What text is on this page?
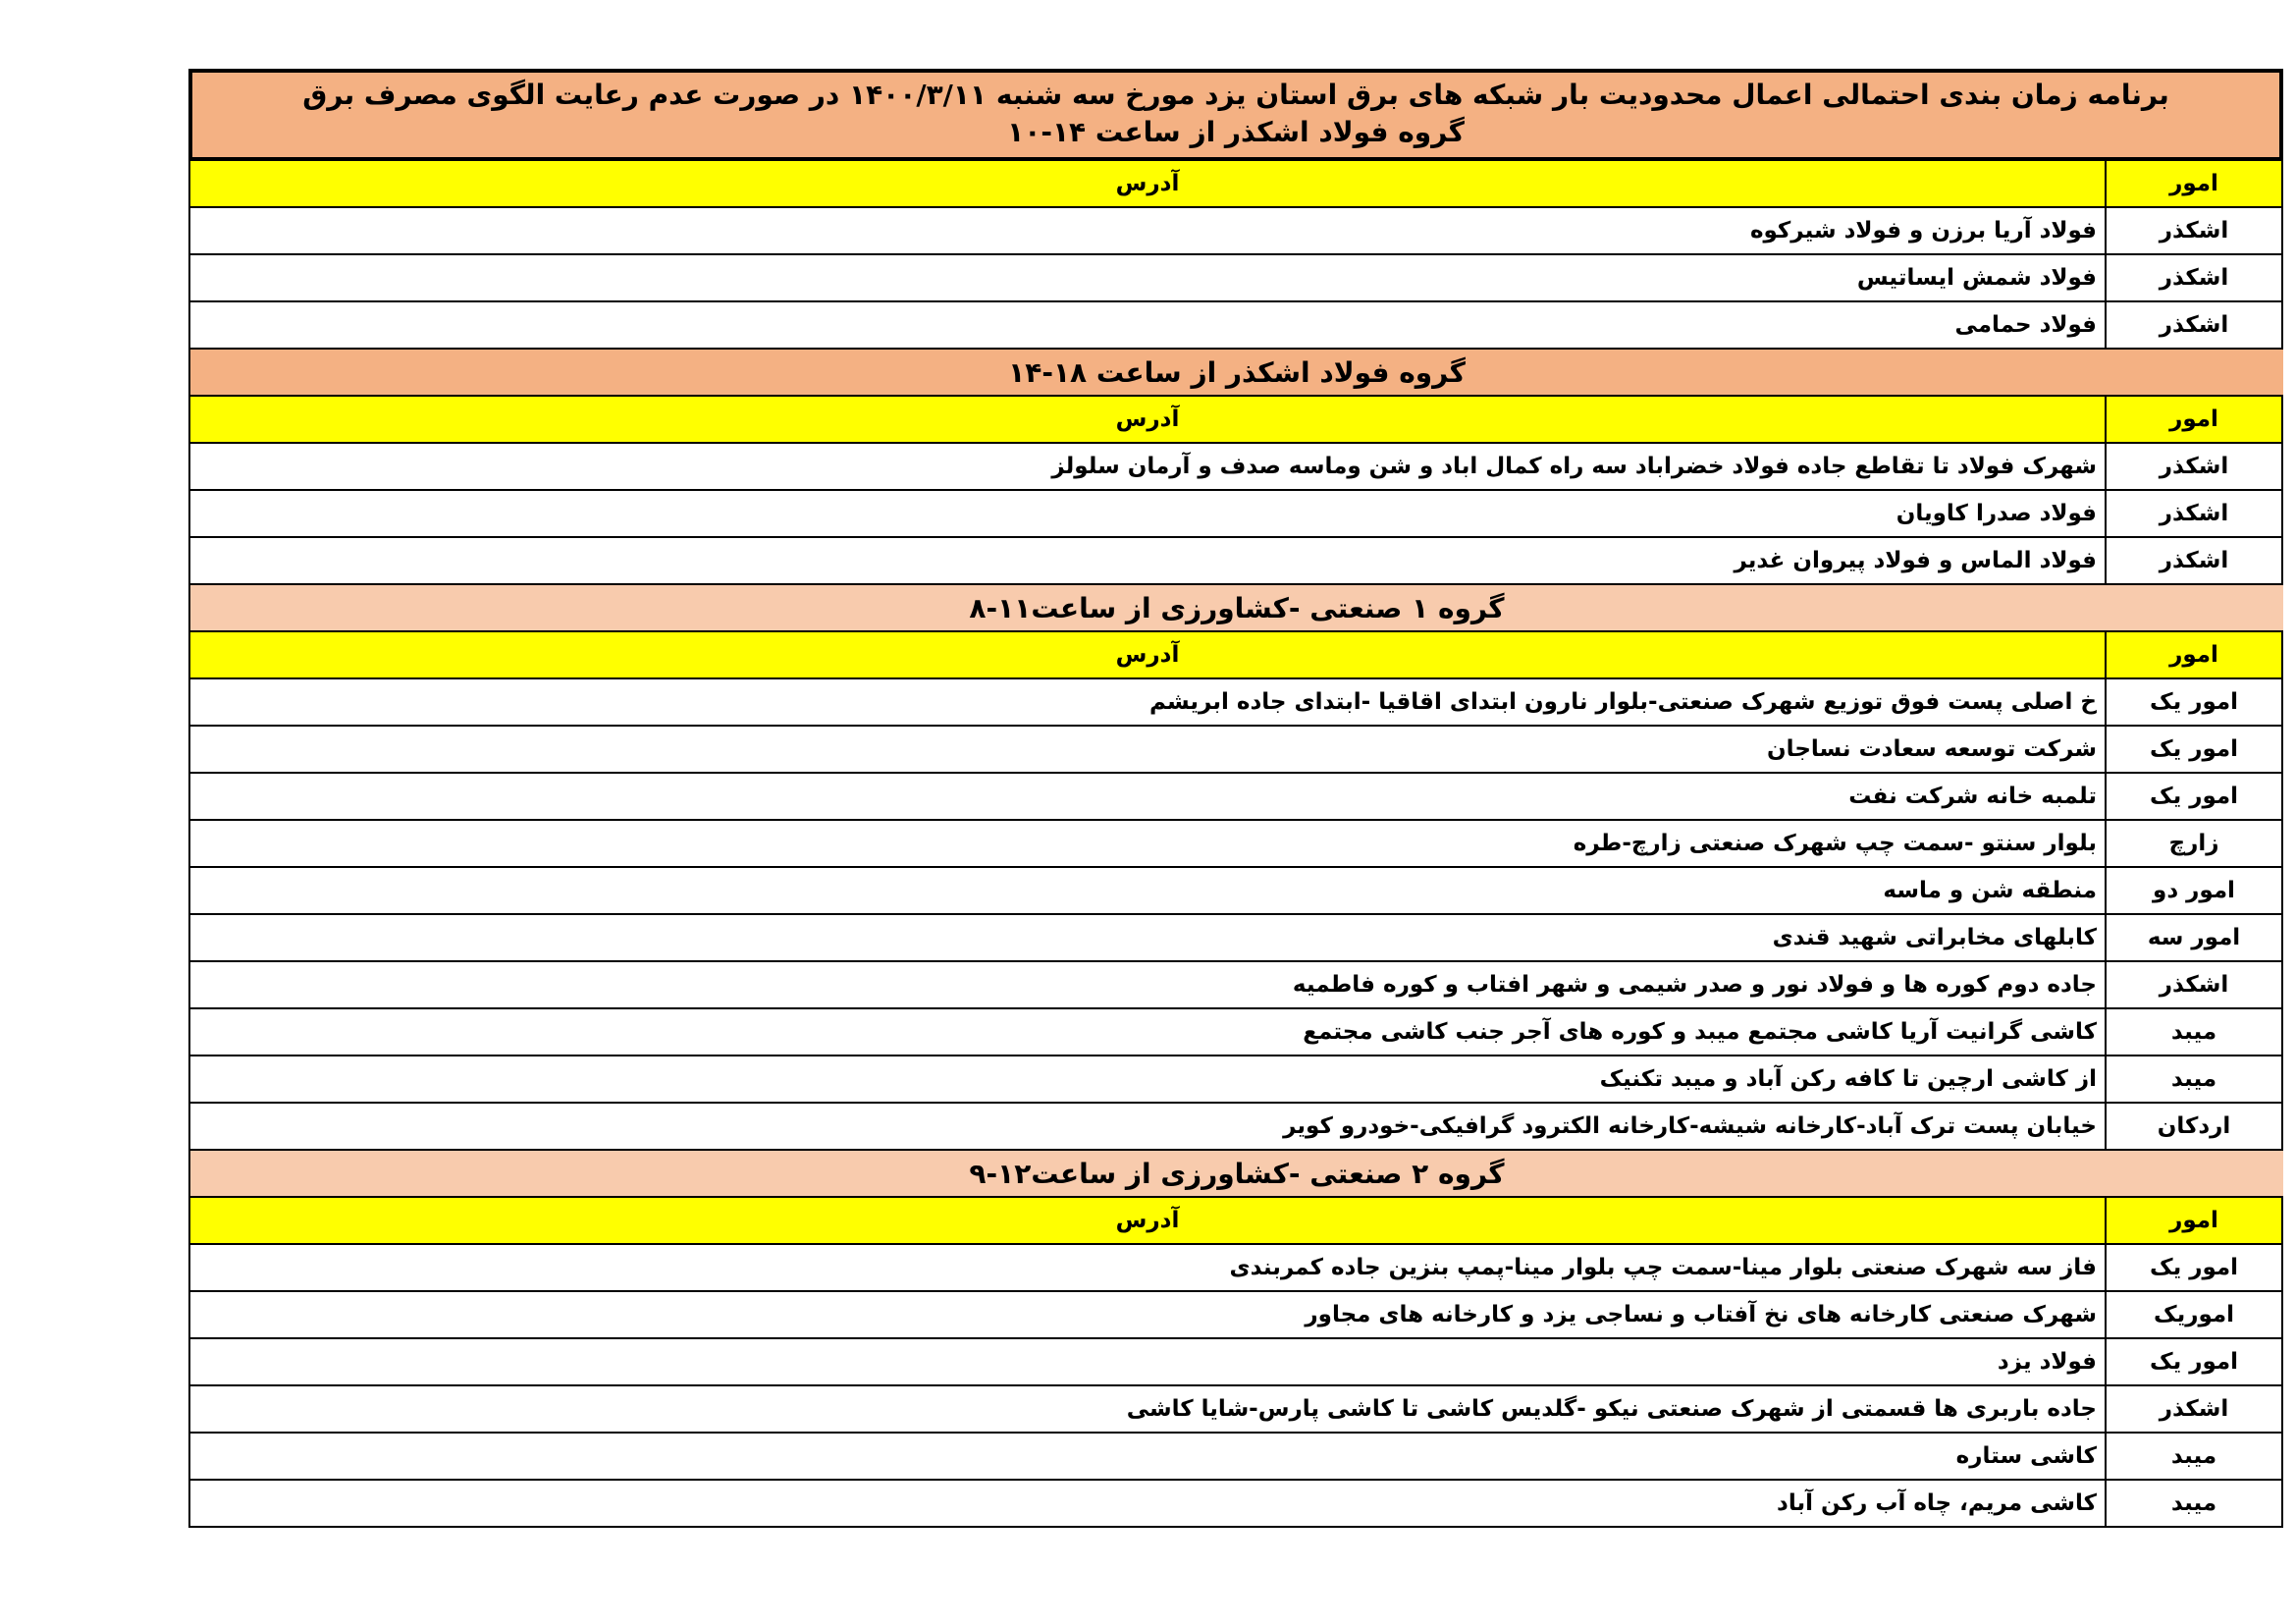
برنامه زمان بندی احتمالی اعمال محدودیت بار شبکه های برق استان یزد مورخ سه شنبه ۱۴۰۰/۳/۱۱ در صورت عدم رعایت الگوی مصرف برق
گروه فولاد اشکذر از ساعت ۱۴-۱۰
امور
آدرس
اشکذر
فولاد آریا برزن و فولاد شیرکوه
اشکذر
فولاد شمش ایساتیس
اشکذر
فولاد حمامی
گروه فولاد اشکذر از ساعت ۱۸-۱۴
امور
آدرس
اشکذر
شهرک فولاد تا تقاطع جاده فولاد خضراباد سه راه کمال اباد و شن وماسه صدف و آرمان سلولز
اشکذر
فولاد صدرا کاویان
اشکذر
فولاد الماس و فولاد پیروان غدیر
گروه ۱ صنعتی -کشاورزی از ساعت۱۱-۸
امور
آدرس
امور یک
خ اصلی پست فوق توزیع شهرک صنعتی-بلوار نارون ابتدای اقاقیا -ابتدای جاده ابریشم
امور یک
شرکت توسعه سعادت نساجان
امور یک
تلمبه خانه شرکت نفت
زارچ
بلوار سنتو -سمت چپ شهرک صنعتی زارچ-طره
امور دو
منطقه شن و ماسه
امور سه
کابلهای مخابراتی شهید قندی
اشکذر
جاده دوم کوره ها و فولاد نور و صدر شیمی و شهر افتاب و کوره فاطمیه
میبد
کاشی گرانیت آریا کاشی مجتمع میبد و کوره های آجر جنب کاشی مجتمع
میبد
از کاشی ارچین تا کافه رکن آباد و میبد تکنیک
اردکان
خیابان پست ترک آباد-کارخانه شیشه-کارخانه الکترود گرافیکی-خودرو کویر
گروه ۲ صنعتی -کشاورزی از ساعت۱۲-۹
امور
آدرس
امور یک
فاز سه شهرک صنعتی بلوار مینا-سمت چپ بلوار مینا-پمپ بنزین جاده کمربندی
اموریک
شهرک صنعتی کارخانه های نخ آفتاب و نساجی یزد و کارخانه های مجاور
امور یک
فولاد یزد
اشکذر
جاده باربری ها قسمتی از شهرک صنعتی نیکو -گلدیس کاشی تا کاشی پارس-شایا کاشی
میبد
کاشی ستاره
میبد
کاشی مریم، چاه آب رکن آباد
